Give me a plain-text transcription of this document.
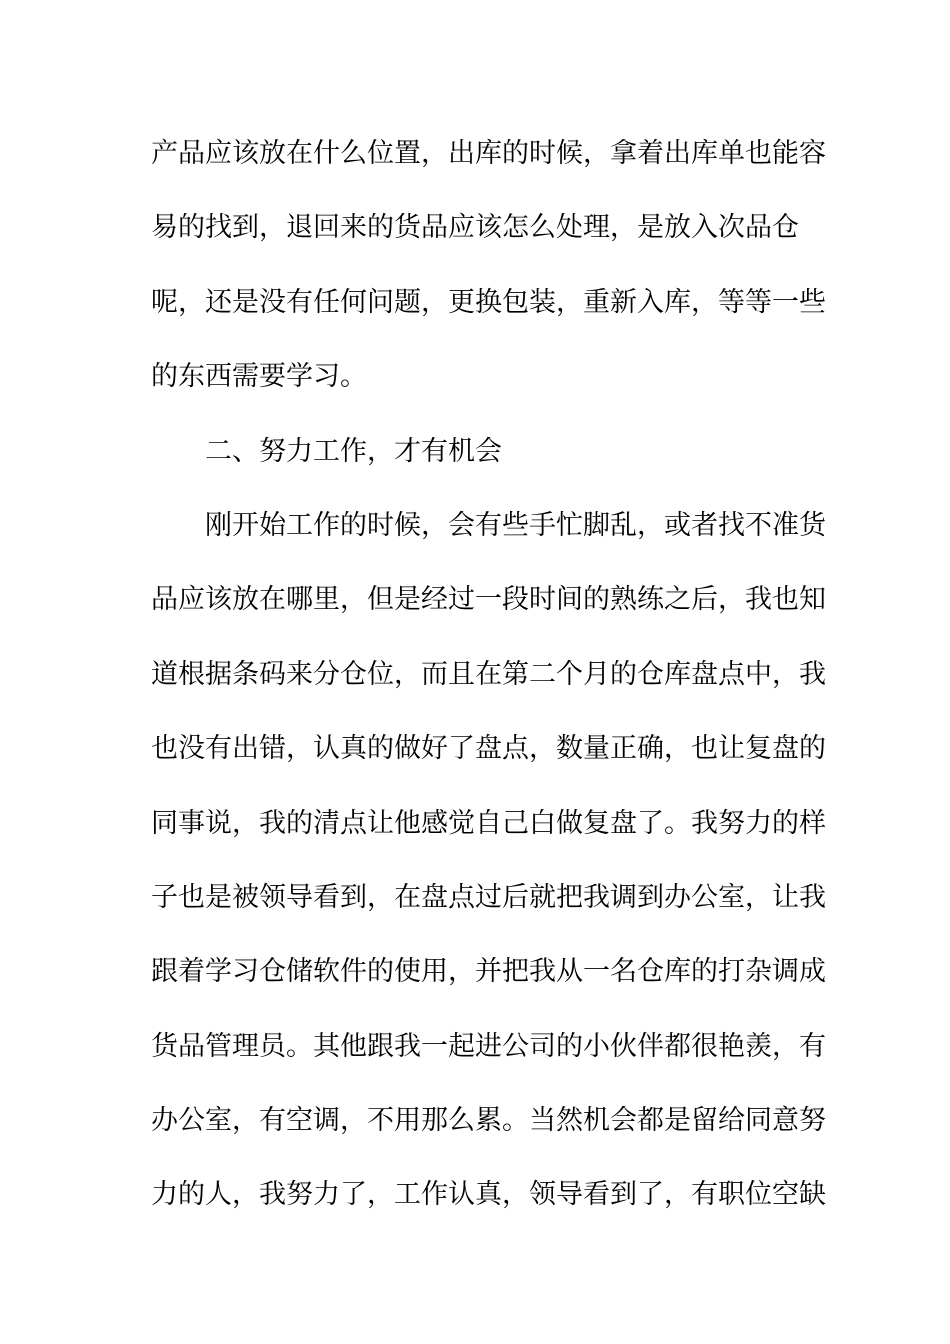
产品应该放在什么位置，出库的时候，拿着出库单也能容
易的找到，退回来的货品应该怎么处理，是放入次品仓
呢，还是没有任何问题，更换包装，重新入库，等等一些
的东西需要学习。
二、努力工作，才有机会
刚开始工作的时候，会有些手忙脚乱，或者找不准货
品应该放在哪里，但是经过一段时间的熟练之后，我也知
道根据条码来分仓位，而且在第二个月的仓库盘点中，我
也没有出错，认真的做好了盘点，数量正确，也让复盘的
同事说，我的清点让他感觉自己白做复盘了。我努力的样
子也是被领导看到，在盘点过后就把我调到办公室，让我
跟着学习仓储软件的使用，并把我从一名仓库的打杂调成
货品管理员。其他跟我一起进公司的小伙伴都很艳羡，有
办公室，有空调，不用那么累。当然机会都是留给同意努
力的人，我努力了，工作认真，领导看到了，有职位空缺
